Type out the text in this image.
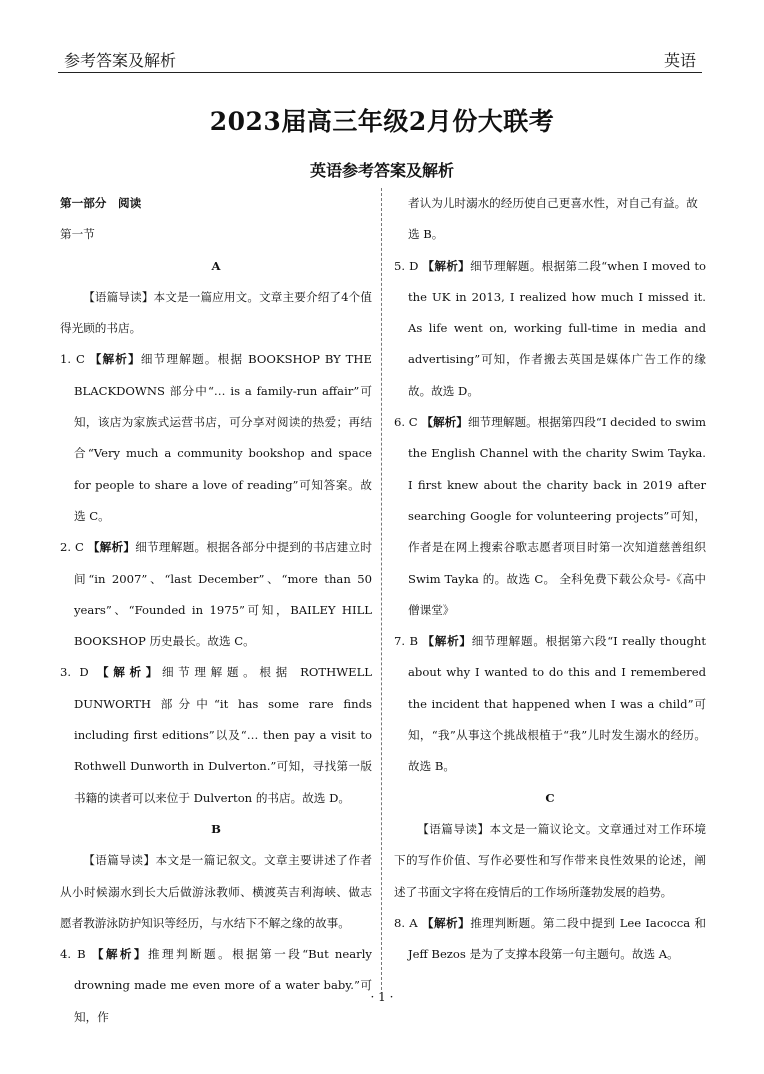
参考答案及解析	英语
2023届高三年级2月份大联考
英语参考答案及解析

第一部分　阅读

第一节

A

【语篇导读】本文是一篇应用文。文章主要介绍了4个值得光顾的书店。

1. C 【解析】细节理解题。根据 BOOKSHOP BY THE BLACKDOWNS 部分中“… is a family-run affair”可知，该店为家族式运营书店，可分享对阅读的热爱；再结合“Very much a community bookshop and space for people to share a love of reading”可知答案。故选 C。

2. C 【解析】细节理解题。根据各部分中提到的书店建立时间“in 2007”、“last December”、“more than 50 years”、“Founded in 1975”可知，BAILEY HILL BOOKSHOP 历史最长。故选 C。

3. D 【解析】细节理解题。根据 ROTHWELL DUNWORTH 部分中“it has some rare finds including first editions”以及“… then pay a visit to Rothwell Dunworth in Dulverton.”可知，寻找第一版书籍的读者可以来位于 Dulverton 的书店。故选 D。

B

【语篇导读】本文是一篇记叙文。文章主要讲述了作者从小时候溺水到长大后做游泳教师、横渡英吉利海峡、做志愿者教游泳防护知识等经历，与水结下不解之缘的故事。

4. B 【解析】推理判断题。根据第一段“But nearly drowning made me even more of a water baby.”可知，作

者认为儿时溺水的经历使自己更喜水性，对自己有益。故选 B。

5. D 【解析】细节理解题。根据第二段“when I moved to the UK in 2013, I realized how much I missed it. As life went on, working full-time in media and advertising”可知，作者搬去英国是媒体广告工作的缘故。故选 D。

6. C 【解析】细节理解题。根据第四段“I decided to swim the English Channel with the charity Swim Tayka. I first knew about the charity back in 2019 after searching Google for volunteering projects”可知，作者是在网上搜索谷歌志愿者项目时第一次知道慈善组织 Swim Tayka 的。故选 C。 全科免费下载公众号-《高中僧课堂》

7. B 【解析】细节理解题。根据第六段“I really thought about why I wanted to do this and I remembered the incident that happened when I was a child”可知，“我”从事这个挑战根植于“我”儿时发生溺水的经历。故选 B。

C

【语篇导读】本文是一篇议论文。文章通过对工作环境下的写作价值、写作必要性和写作带来良性效果的论述，阐述了书面文字将在疫情后的工作场所蓬勃发展的趋势。

8. A 【解析】推理判断题。第二段中提到 Lee Iacocca 和 Jeff Bezos 是为了支撑本段第一句主题句。故选 A。

· 1 ·
